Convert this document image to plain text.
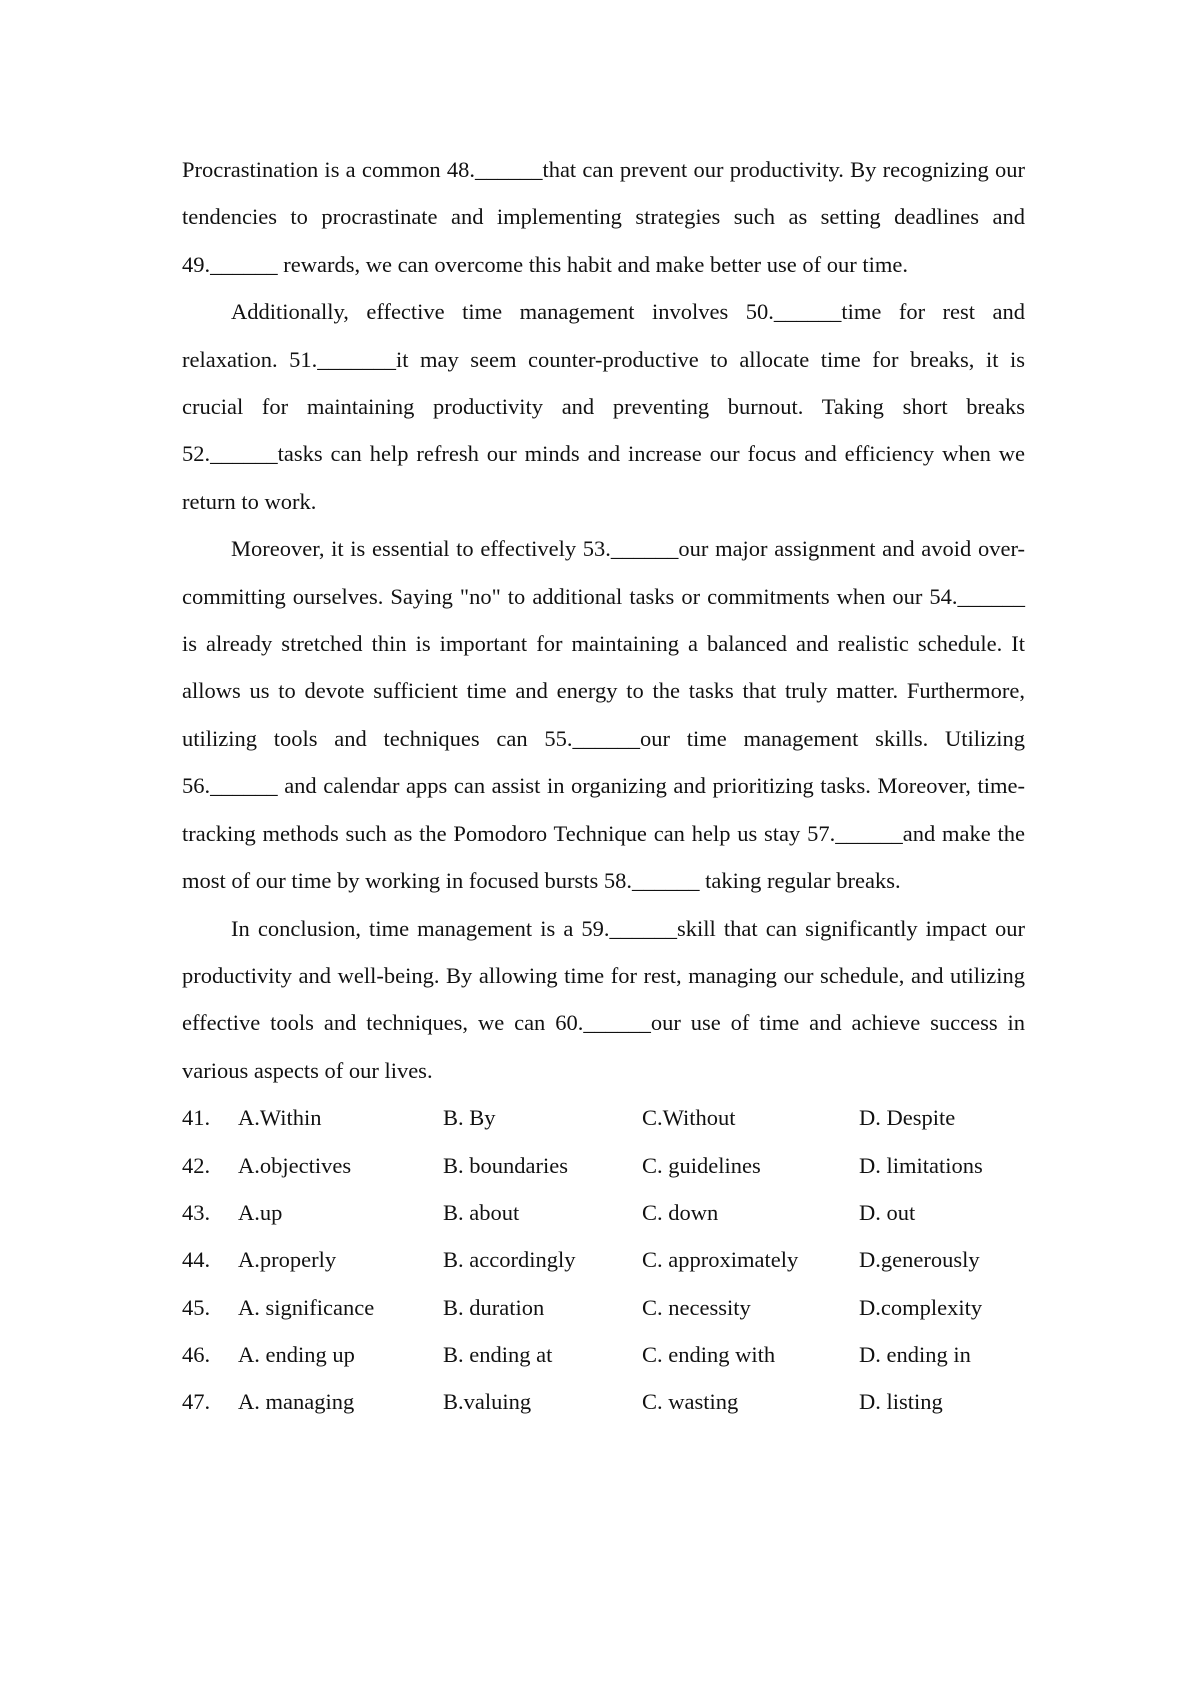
Procrastination is a common 48.______that can prevent our productivity. By recognizing our tendencies to procrastinate and implementing strategies such as setting deadlines and 49.______ rewards, we can overcome this habit and make better use of our time.

Additionally, effective time management involves 50.______time for rest and relaxation. 51._______it may seem counter-productive to allocate time for breaks, it is crucial for maintaining productivity and preventing burnout. Taking short breaks 52.______tasks can help refresh our minds and increase our focus and efficiency when we return to work.

Moreover, it is essential to effectively 53.______our major assignment and avoid over-committing ourselves. Saying "no" to additional tasks or commitments when our 54.______ is already stretched thin is important for maintaining a balanced and realistic schedule. It allows us to devote sufficient time and energy to the tasks that truly matter. Furthermore, utilizing tools and techniques can 55.______our time management skills. Utilizing 56.______ and calendar apps can assist in organizing and prioritizing tasks. Moreover, time-tracking methods such as the Pomodoro Technique can help us stay 57.______and make the most of our time by working in focused bursts 58.______ taking regular breaks.

In conclusion, time management is a 59.______skill that can significantly impact our productivity and well-being. By allowing time for rest, managing our schedule, and utilizing effective tools and techniques, we can 60.______our use of time and achieve success in various aspects of our lives.

41. A.Within	B. By	C.Without	D. Despite
42. A.objectives	B. boundaries	C. guidelines	D. limitations
43. A.up	B. about	C. down	D. out
44. A.properly	B. accordingly	C. approximately	D.generously
45. A. significance	B. duration	C. necessity	D.complexity
46. A. ending up	B. ending at	C. ending with	D. ending in
47. A. managing	B.valuing	C. wasting	D. listing
